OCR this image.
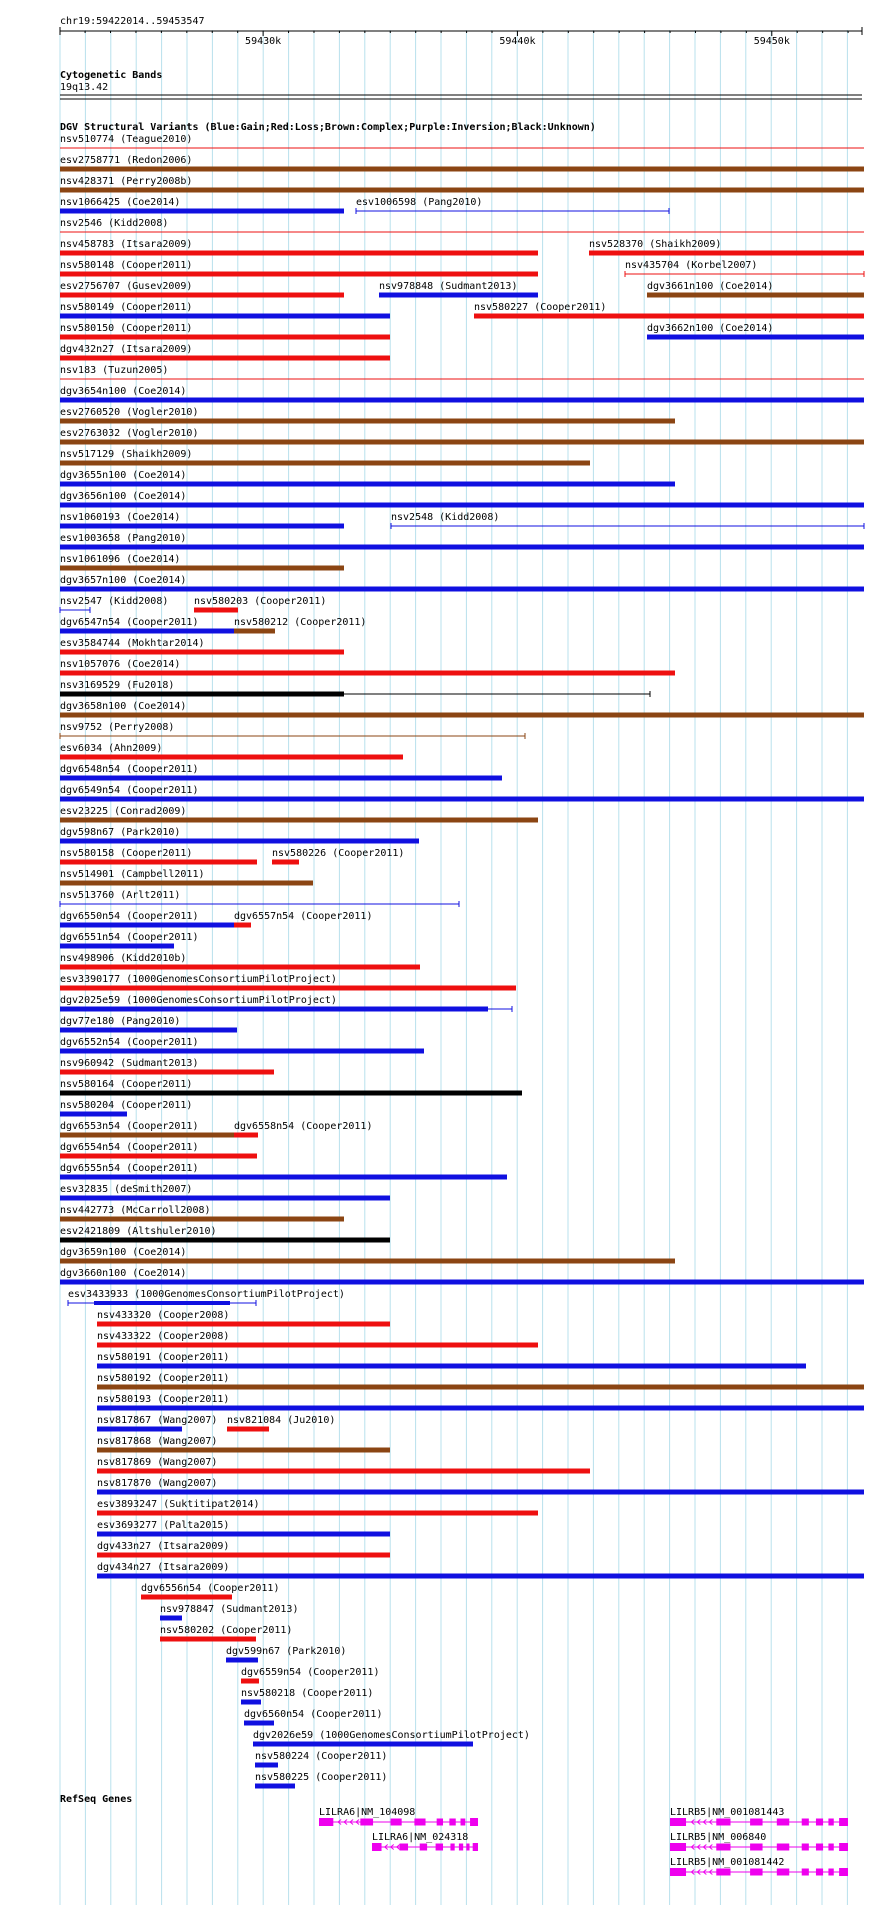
chr19:59422014..59453547
59430k	59440k	59450k
Cytogenetic Bands
19q13.42
DGV Structural Variants (Blue:Gain;Red:Loss;Brown:Complex;Purple:Inversion;Black:Unknown)
nsv510774 (Teague2010)
esv2758771 (Redon2006)
nsv428371 (Perry2008b)
nsv1066425 (Coe2014)	esv1006598 (Pang2010)
nsv2546 (Kidd2008)
nsv458783 (Itsara2009)	nsv528370 (Shaikh2009)
nsv580148 (Cooper2011)	nsv435704 (Korbel2007)
esv2756707 (Gusev2009)	nsv978848 (Sudmant2013)	dgv3661n100 (Coe2014)
nsv580149 (Cooper2011)	nsv580227 (Cooper2011)
nsv580150 (Cooper2011)	dgv3662n100 (Coe2014)
dgv432n27 (Itsara2009)
nsv183 (Tuzun2005)
dgv3654n100 (Coe2014)
esv2760520 (Vogler2010)
esv2763032 (Vogler2010)
nsv517129 (Shaikh2009)
dgv3655n100 (Coe2014)
dgv3656n100 (Coe2014)
nsv1060193 (Coe2014)	nsv2548 (Kidd2008)
esv1003658 (Pang2010)
nsv1061096 (Coe2014)
dgv3657n100 (Coe2014)
nsv2547 (Kidd2008)	nsv580203 (Cooper2011)
dgv6547n54 (Cooper2011)	nsv580212 (Cooper2011)
esv3584744 (Mokhtar2014)
nsv1057076 (Coe2014)
nsv3169529 (Fu2018)
dgv3658n100 (Coe2014)
nsv9752 (Perry2008)
esv6034 (Ahn2009)
dgv6548n54 (Cooper2011)
dgv6549n54 (Cooper2011)
esv23225 (Conrad2009)
dgv598n67 (Park2010)
nsv580158 (Cooper2011)	nsv580226 (Cooper2011)
nsv514901 (Campbell2011)
nsv513760 (Arlt2011)
dgv6550n54 (Cooper2011)	dgv6557n54 (Cooper2011)
dgv6551n54 (Cooper2011)
nsv498906 (Kidd2010b)
esv3390177 (1000GenomesConsortiumPilotProject)
dgv2025e59 (1000GenomesConsortiumPilotProject)
dgv77e180 (Pang2010)
dgv6552n54 (Cooper2011)
nsv960942 (Sudmant2013)
nsv580164 (Cooper2011)
nsv580204 (Cooper2011)
dgv6553n54 (Cooper2011)	dgv6558n54 (Cooper2011)
dgv6554n54 (Cooper2011)
dgv6555n54 (Cooper2011)
esv32835 (deSmith2007)
nsv442773 (McCarroll2008)
esv2421809 (Altshuler2010)
dgv3659n100 (Coe2014)
dgv3660n100 (Coe2014)
esv3433933 (1000GenomesConsortiumPilotProject)
nsv433320 (Cooper2008)
nsv433322 (Cooper2008)
nsv580191 (Cooper2011)
nsv580192 (Cooper2011)
nsv580193 (Cooper2011)
nsv817867 (Wang2007) nsv821084 (Ju2010)
nsv817868 (Wang2007)
nsv817869 (Wang2007)
nsv817870 (Wang2007)
esv3893247 (Suktitipat2014)
esv3693277 (Palta2015)
dgv433n27 (Itsara2009)
dgv434n27 (Itsara2009)
dgv6556n54 (Cooper2011)
nsv978847 (Sudmant2013)
nsv580202 (Cooper2011)
dgv599n67 (Park2010)
dgv6559n54 (Cooper2011)
nsv580218 (Cooper2011)
dgv6560n54 (Cooper2011)
dgv2026e59 (1000GenomesConsortiumPilotProject)
nsv580224 (Cooper2011)
nsv580225 (Cooper2011)
RefSeq Genes
LILRA6|NM_104098
LILRA6|NM_024318
LILRB5|NM_001081443
LILRB5|NM_006840
LILRB5|NM_001081442
